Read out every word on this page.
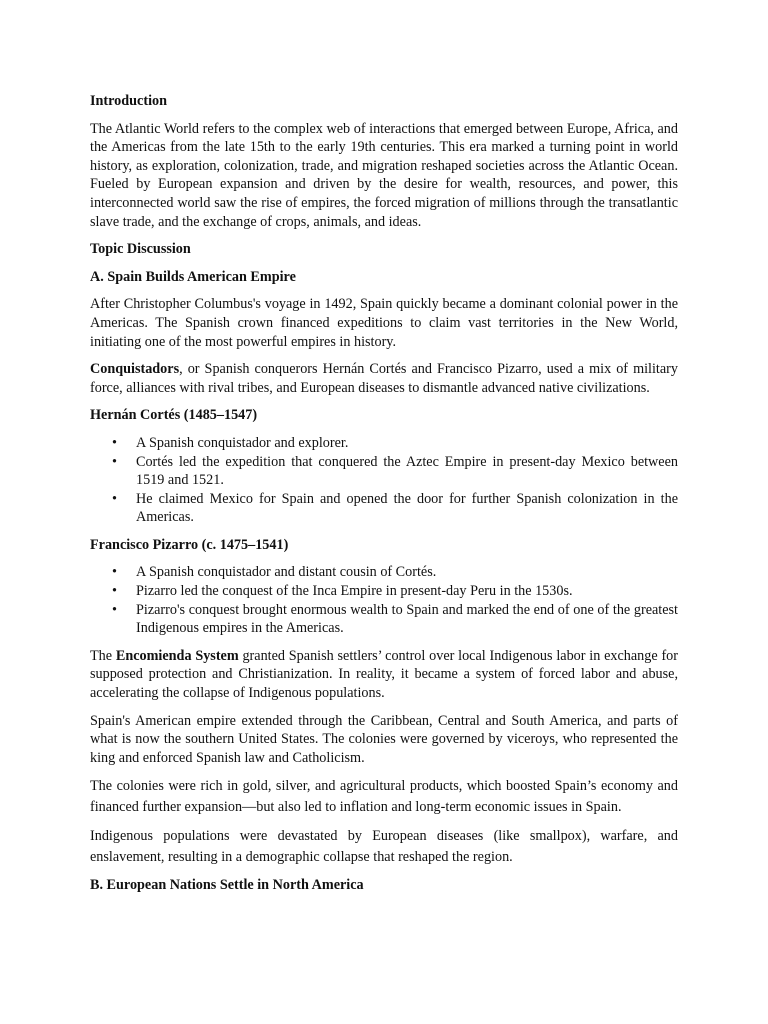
Introduction

The Atlantic World refers to the complex web of interactions that emerged between Europe, Africa, and the Americas from the late 15th to the early 19th centuries. This era marked a turning point in world history, as exploration, colonization, trade, and migration reshaped societies across the Atlantic Ocean. Fueled by European expansion and driven by the desire for wealth, resources, and power, this interconnected world saw the rise of empires, the forced migration of millions through the transatlantic slave trade, and the exchange of crops, animals, and ideas.

Topic Discussion
A. Spain Builds American Empire

After Christopher Columbus's voyage in 1492, Spain quickly became a dominant colonial power in the Americas. The Spanish crown financed expeditions to claim vast territories in the New World, initiating one of the most powerful empires in history.

Conquistadors, or Spanish conquerors Hernán Cortés and Francisco Pizarro, used a mix of military force, alliances with rival tribes, and European diseases to dismantle advanced native civilizations.

Hernán Cortés (1485–1547)
• A Spanish conquistador and explorer.
• Cortés led the expedition that conquered the Aztec Empire in present-day Mexico between 1519 and 1521.
• He claimed Mexico for Spain and opened the door for further Spanish colonization in the Americas.
Francisco Pizarro (c. 1475–1541)
• A Spanish conquistador and distant cousin of Cortés.
• Pizarro led the conquest of the Inca Empire in present-day Peru in the 1530s.
• Pizarro's conquest brought enormous wealth to Spain and marked the end of one of the greatest Indigenous empires in the Americas.

The Encomienda System granted Spanish settlers’ control over local Indigenous labor in exchange for supposed protection and Christianization. In reality, it became a system of forced labor and abuse, accelerating the collapse of Indigenous populations.

Spain's American empire extended through the Caribbean, Central and South America, and parts of what is now the southern United States. The colonies were governed by viceroys, who represented the king and enforced Spanish law and Catholicism.

The colonies were rich in gold, silver, and agricultural products, which boosted Spain’s economy and financed further expansion—but also led to inflation and long-term economic issues in Spain.

Indigenous populations were devastated by European diseases (like smallpox), warfare, and enslavement, resulting in a demographic collapse that reshaped the region.

B. European Nations Settle in North America
